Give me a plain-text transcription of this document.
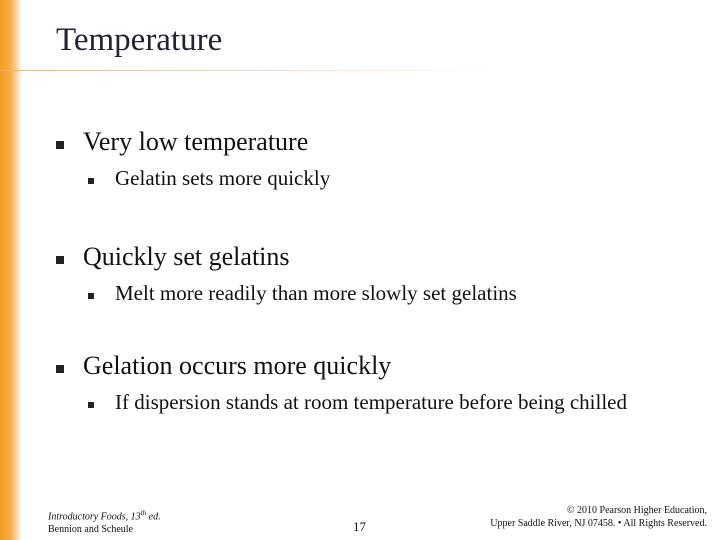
Temperature
Very low temperature
Gelatin sets more quickly
Quickly set gelatins
Melt more readily than more slowly set gelatins
Gelation occurs more quickly
If dispersion stands at room temperature before being chilled
Introductory Foods, 13th ed.
Bennion and Scheule	17
© 2010 Pearson Higher Education,
Upper Saddle River, NJ 07458. • All Rights Reserved.
